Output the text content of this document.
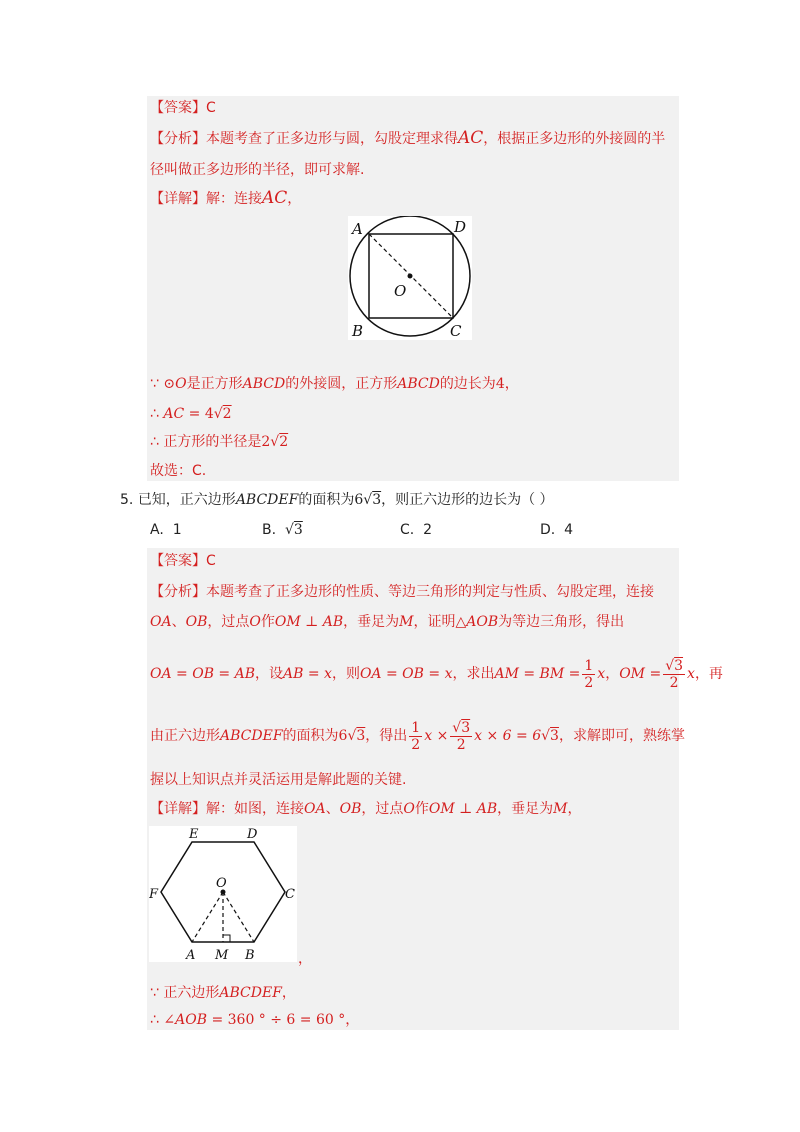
【答案】C
【分析】本题考查了正多边形与圆，勾股定理求得AC，根据正多边形的外接圆的半
径叫做正多边形的半径，即可求解.
【详解】解：连接AC，
A	D
O
B	C
∵ ⊙O是正方形ABCD的外接圆，正方形ABCD的边长为4，
∴ AC = 4√2
∴ 正方形的半径是2√2
故选：C.
5. 已知，正六边形ABCDEF的面积为6√3，则正六边形的边长为（ ）
A. 1	B. √3	C. 2	D. 4
【答案】C
【分析】本题考查了正多边形的性质、等边三角形的判定与性质、勾股定理，连接
OA、OB，过点O作OM ⊥ AB，垂足为M，证明△AOB为等边三角形，得出
OA = OB = AB，设AB = x，则OA = OB = x，求出AM = BM = $\frac{1}{2}$ x，OM = $\frac{√3}{2}$ x，再
由正六边形ABCDEF的面积为6√3，得出 $\frac{1}{2}$ $x \times \frac{√3}{2}$ x × 6 = 6√3，求解即可，熟练掌
握以上知识点并灵活运用是解此题的关键.
【详解】解：如图，连接OA、OB，过点O作OM ⊥ AB，垂足为M，
E	D
F	C
O
A M B	，
∵ 正六边形ABCDEF，
∴ ∠AOB = 360 ° ÷ 6 = 60 °，
